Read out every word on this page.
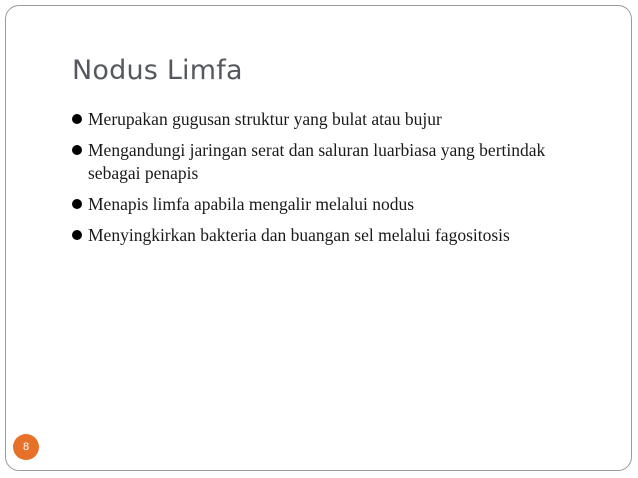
Nodus Limfa
Merupakan gugusan struktur yang bulat atau bujur
Mengandungi jaringan serat dan saluran luarbiasa yang bertindak sebagai penapis
Menapis limfa apabila mengalir melalui nodus
Menyingkirkan bakteria dan buangan sel melalui fagositosis
8
